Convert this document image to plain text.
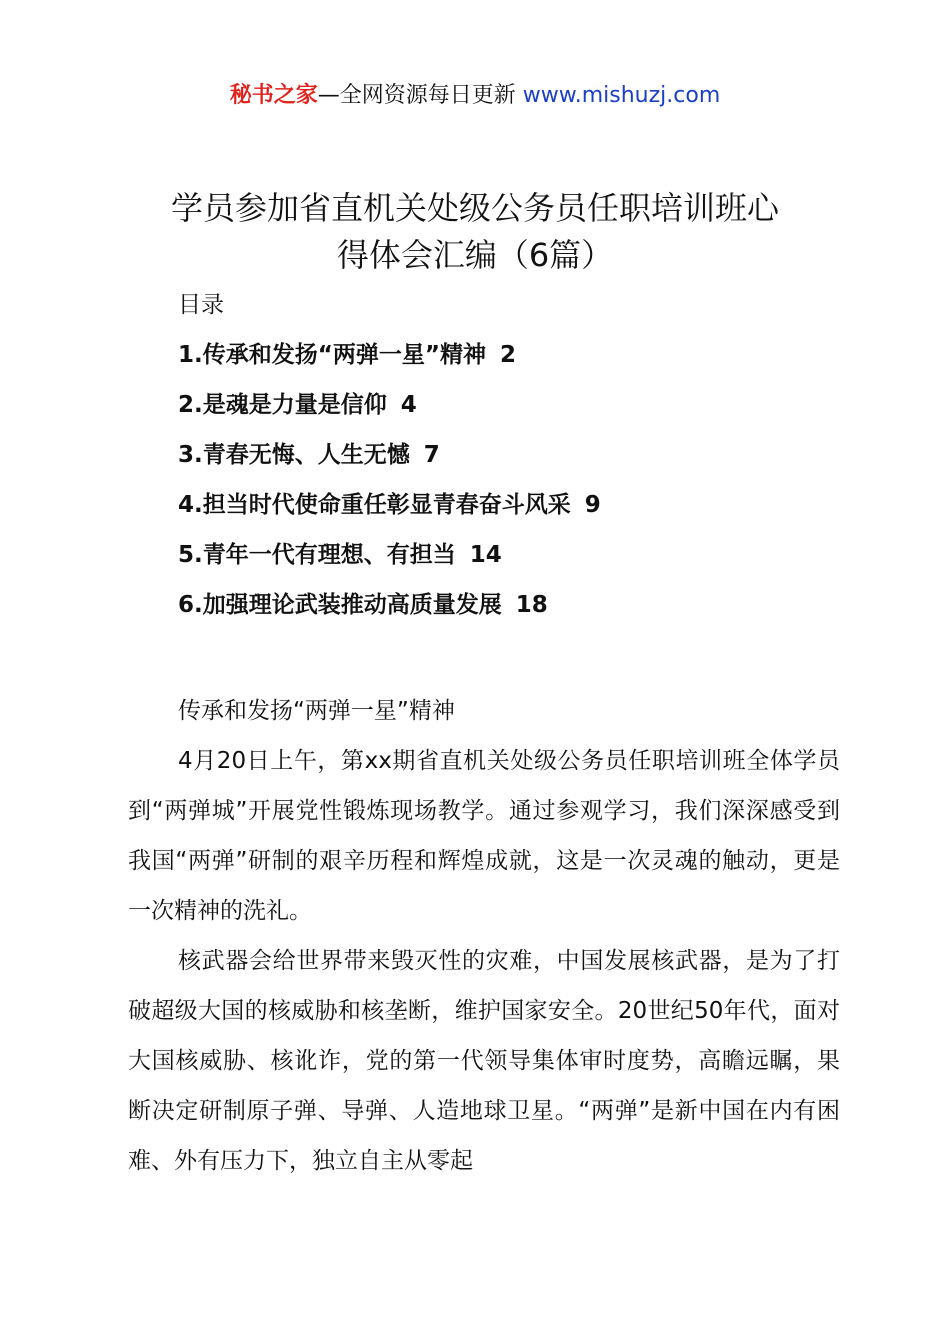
秘书之家—全网资源每日更新 www.mishuzj.com
学员参加省直机关处级公务员任职培训班心
得体会汇编（6篇）
目录
1.传承和发扬“两弹一星”精神 2
2.是魂是力量是信仰 4
3.青春无悔、人生无憾 7
4.担当时代使命重任彰显青春奋斗风采 9
5.青年一代有理想、有担当 14
6.加强理论武装推动高质量发展 18
传承和发扬“两弹一星”精神

4月20日上午，第xx期省直机关处级公务员任职培训班全体学员到“两弹城”开展党性锻炼现场教学。通过参观学习，我们深深感受到我国“两弹”研制的艰辛历程和辉煌成就，这是一次灵魂的触动，更是一次精神的洗礼。

核武器会给世界带来毁灭性的灾难，中国发展核武器，是为了打破超级大国的核威胁和核垄断，维护国家安全。20世纪50年代，面对大国核威胁、核讹诈，党的第一代领导集体审时度势，高瞻远瞩，果断决定研制原子弹、导弹、人造地球卫星。“两弹”是新中国在内有困难、外有压力下，独立自主从零起
